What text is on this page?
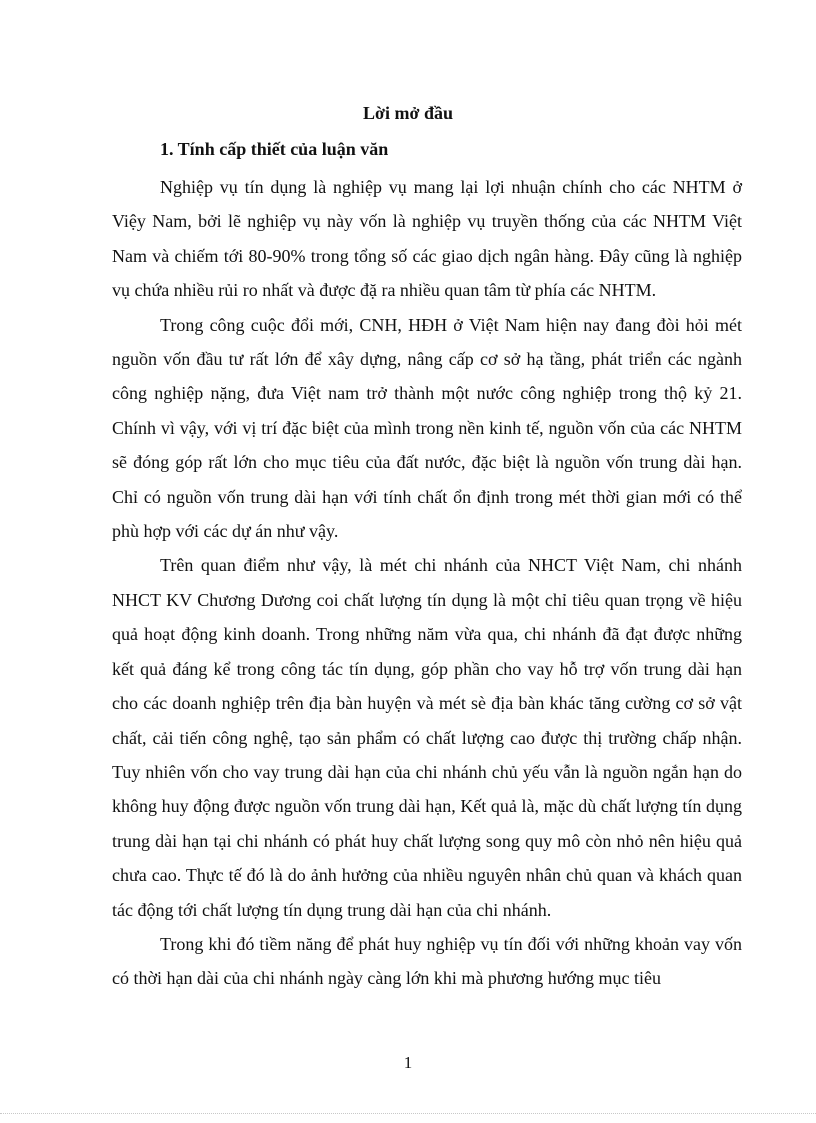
Lời mở đầu
1. Tính cấp thiết của luận văn

Nghiệp vụ tín dụng là nghiệp vụ mang lại lợi nhuận chính cho các NHTM ở Việy Nam, bởi lẽ nghiệp vụ này vốn là nghiệp vụ truyền thống của các NHTM Việt Nam và chiếm tới 80-90% trong tổng số các giao dịch ngân hàng. Đây cũng là nghiệp vụ chứa nhiều rủi ro nhất và được đặ ra nhiều quan tâm từ phía các NHTM.

Trong công cuộc đổi mới, CNH, HĐH ở Việt Nam hiện nay đang đòi hỏi mét nguồn vốn đầu tư rất lớn để xây dựng, nâng cấp cơ sở hạ tầng, phát triển các ngành công nghiệp nặng, đưa Việt nam trở thành một nước công nghiệp trong thộ kỷ 21. Chính vì vậy, với vị trí đặc biệt của mình trong nền kinh tế, nguồn vốn của các NHTM sẽ đóng góp rất lớn cho mục tiêu của đất nước, đặc biệt là nguồn vốn trung dài hạn. Chỉ có nguồn vốn trung dài hạn với tính chất ổn định trong mét thời gian mới có thể phù hợp với các dự án như vậy.

Trên quan điểm như vậy, là mét chi nhánh của NHCT Việt Nam, chi nhánh NHCT KV Chương Dương coi chất lượng tín dụng là một chỉ tiêu quan trọng về hiệu quả hoạt động kinh doanh. Trong những năm vừa qua, chi nhánh đã đạt được những kết quả đáng kể trong công tác tín dụng, góp phần cho vay hỗ trợ vốn trung dài hạn cho các doanh nghiệp trên địa bàn huyện và mét sè địa bàn khác tăng cường cơ sở vật chất, cải tiến công nghệ, tạo sản phẩm có chất lượng cao được thị trường chấp nhận. Tuy nhiên vốn cho vay trung dài hạn của chi nhánh chủ yếu vẫn là nguồn ngắn hạn do không huy động được nguồn vốn trung dài hạn, Kết quả là, mặc dù chất lượng tín dụng trung dài hạn tại chi nhánh có phát huy chất lượng song quy mô còn nhỏ nên hiệu quả chưa cao. Thực tế đó là do ảnh hưởng của nhiều nguyên nhân chủ quan và khách quan tác động tới chất lượng tín dụng trung dài hạn của chi nhánh.

Trong khi đó tiềm năng để phát huy nghiệp vụ tín đối với những khoản vay vốn có thời hạn dài của chi nhánh ngày càng lớn khi mà phương hướng mục tiêu

1
